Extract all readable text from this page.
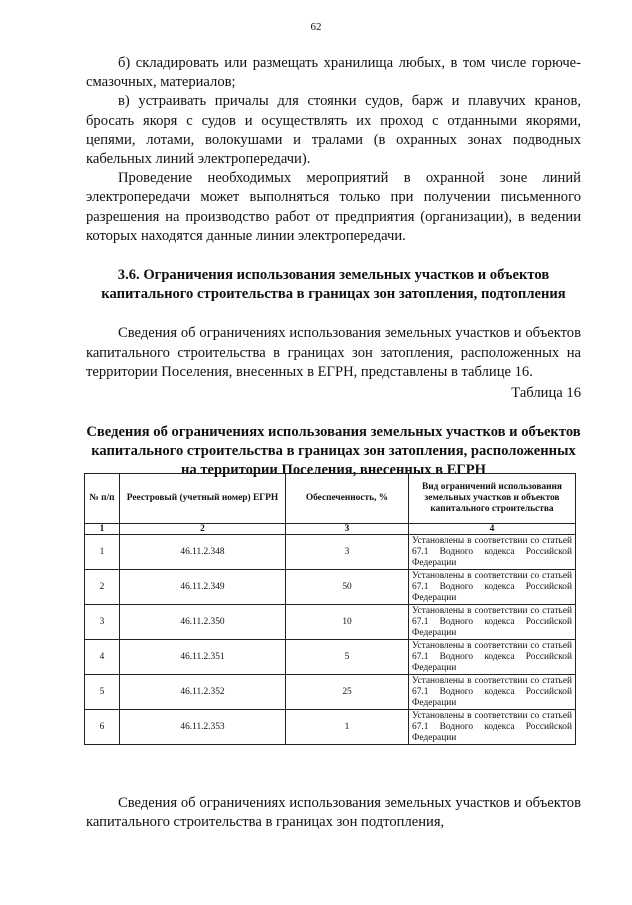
62

б) складировать или размещать хранилища любых, в том числе горюче-смазочных, материалов;

в) устраивать причалы для стоянки судов, барж и плавучих кранов, бросать якоря с судов и осуществлять их проход с отданными якорями, цепями, лотами, волокушами и тралами (в охранных зонах подводных кабельных линий электропередачи).

Проведение необходимых мероприятий в охранной зоне линий электропередачи может выполняться только при получении письменного разрешения на производство работ от предприятия (организации), в ведении которых находятся данные линии электропередачи.

3.6. Ограничения использования земельных участков и объектов капитального строительства в границах зон затопления, подтопления

Сведения об ограничениях использования земельных участков и объектов капитального строительства в границах зон затопления, расположенных на территории Поселения, внесенных в ЕГРН, представлены в таблице 16.

Таблица 16
Сведения об ограничениях использования земельных участков и объектов капитального строительства в границах зон затопления, расположенных на территории Поселения, внесенных в ЕГРН
№ п/п	Реестровый (учетный номер) ЕГРН	Обеспеченность, %	Вид ограничений использования земельных участков и объектов капитального строительства
1	2	3	4
1	46.11.2.348	3	Установлены в соответствии со статьей 67.1 Водного кодекса Российской Федерации
2	46.11.2.349	50	Установлены в соответствии со статьей 67.1 Водного кодекса Российской Федерации
3	46.11.2.350	10	Установлены в соответствии со статьей 67.1 Водного кодекса Российской Федерации
4	46.11.2.351	5	Установлены в соответствии со статьей 67.1 Водного кодекса Российской Федерации
5	46.11.2.352	25	Установлены в соответствии со статьей 67.1 Водного кодекса Российской Федерации
6	46.11.2.353	1	Установлены в соответствии со статьей 67.1 Водного кодекса Российской Федерации

Сведения об ограничениях использования земельных участков и объектов капитального строительства в границах зон подтопления,
